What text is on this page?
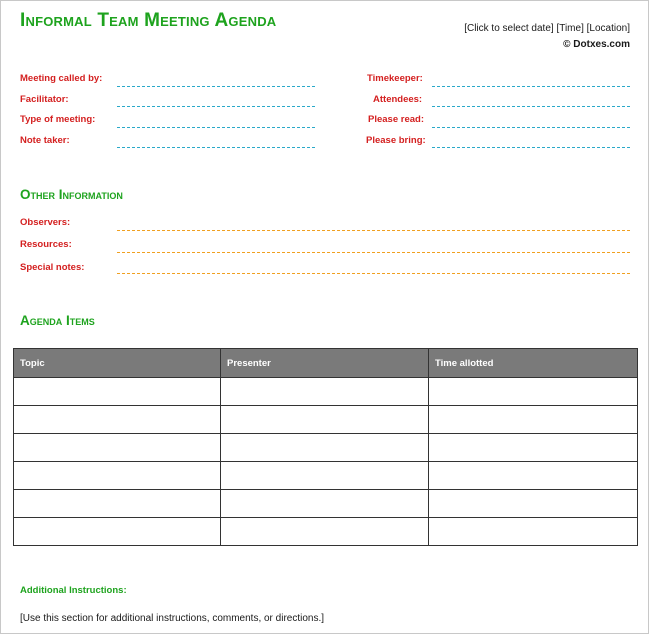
Informal Team Meeting Agenda	[Click to select date] [Time] [Location]
© Dotxes.com
Meeting called by:
Facilitator:
Type of meeting:
Note taker:
Timekeeper:
Attendees:
Please read:
Please bring:
Other Information
Observers:
Resources:
Special notes:
Agenda Items
Topic	Presenter	Time allotted

Additional Instructions:
[Use this section for additional instructions, comments, or directions.]
